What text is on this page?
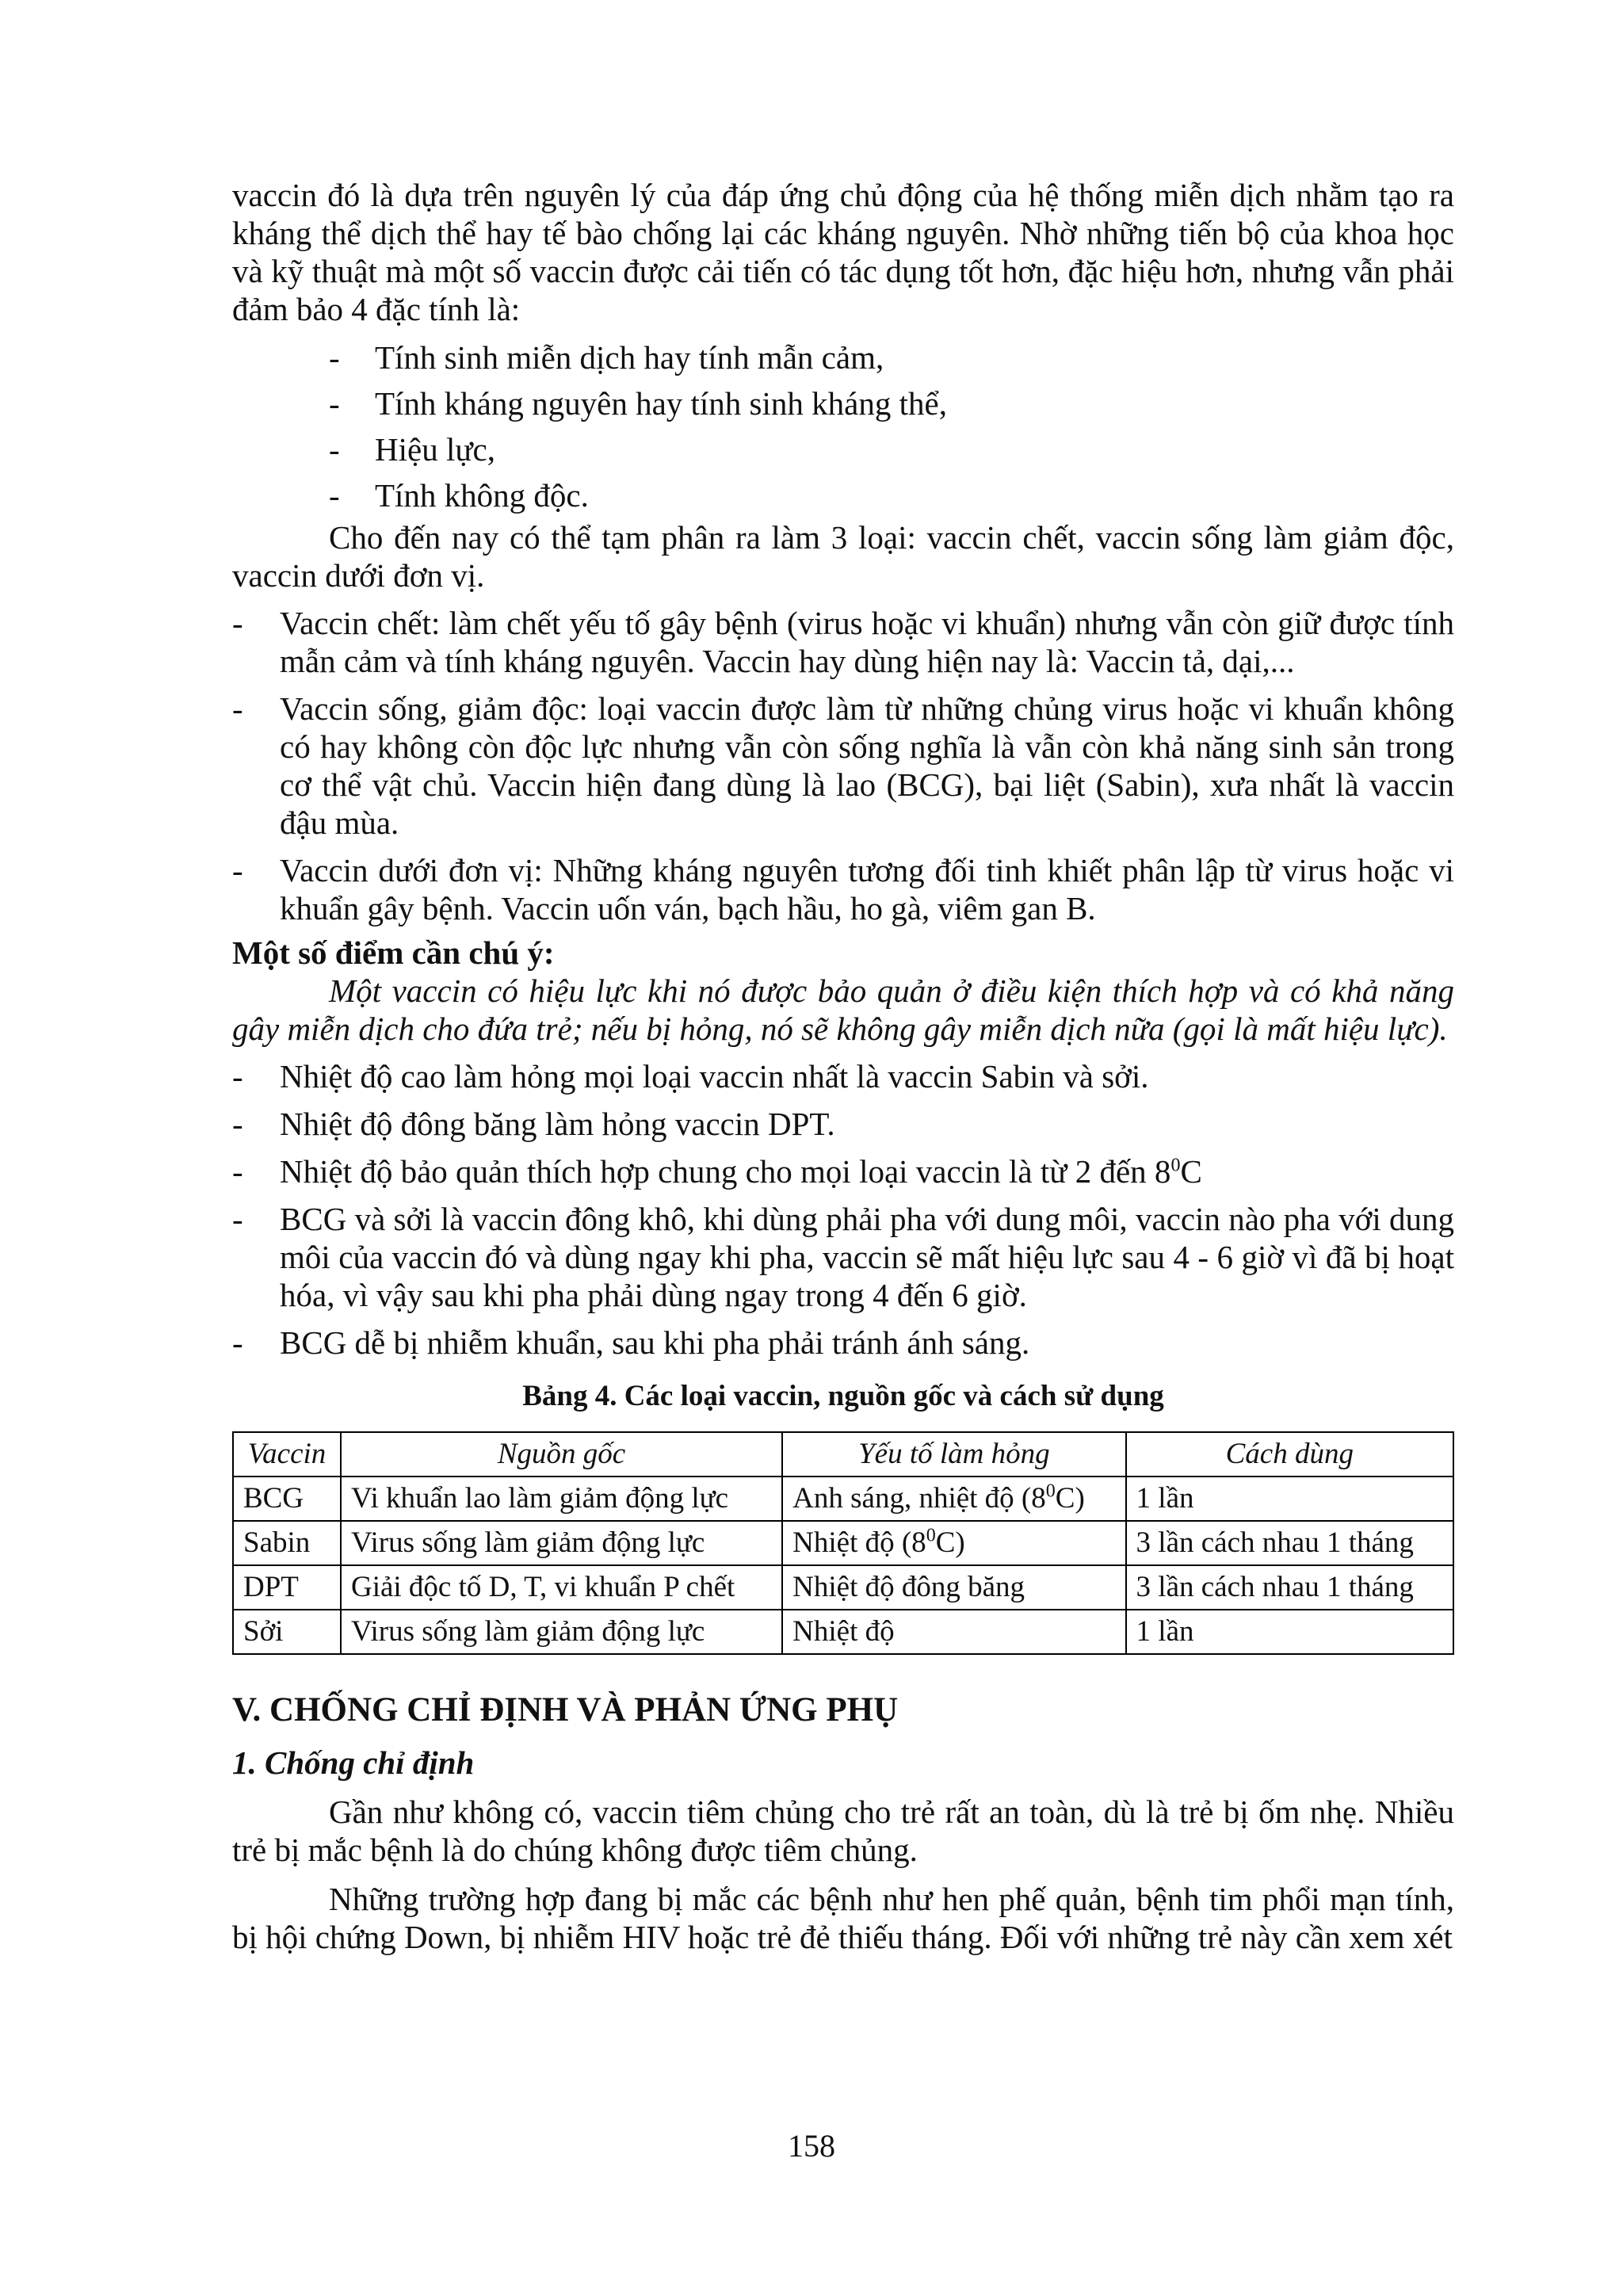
vaccin đó là dựa trên nguyên lý của đáp ứng chủ động của hệ thống miễn dịch nhằm tạo ra kháng thể dịch thể hay tế bào chống lại các kháng nguyên. Nhờ những tiến bộ của khoa học và kỹ thuật mà một số vaccin được cải tiến có tác dụng tốt hơn, đặc hiệu hơn, nhưng vẫn phải đảm bảo 4 đặc tính là:

- Tính sinh miễn dịch hay tính mẫn cảm,
- Tính kháng nguyên hay tính sinh kháng thể,
- Hiệu lực,
- Tính không độc.

Cho đến nay có thể tạm phân ra làm 3 loại: vaccin chết, vaccin sống làm giảm độc, vaccin dưới đơn vị.

- Vaccin chết: làm chết yếu tố gây bệnh (virus hoặc vi khuẩn) nhưng vẫn còn giữ được tính mẫn cảm và tính kháng nguyên. Vaccin hay dùng hiện nay là: Vaccin tả, dại,...
- Vaccin sống, giảm độc: loại vaccin được làm từ những chủng virus hoặc vi khuẩn không có hay không còn độc lực nhưng vẫn còn sống nghĩa là vẫn còn khả năng sinh sản trong cơ thể vật chủ. Vaccin hiện đang dùng là lao (BCG), bại liệt (Sabin), xưa nhất là vaccin đậu mùa.
- Vaccin dưới đơn vị: Những kháng nguyên tương đối tinh khiết phân lập từ virus hoặc vi khuẩn gây bệnh. Vaccin uốn ván, bạch hầu, ho gà, viêm gan B.

Một số điểm cần chú ý:

Một vaccin có hiệu lực khi nó được bảo quản ở điều kiện thích hợp và có khả năng gây miễn dịch cho đứa trẻ; nếu bị hỏng, nó sẽ không gây miễn dịch nữa (gọi là mất hiệu lực).

- Nhiệt độ cao làm hỏng mọi loại vaccin nhất là vaccin Sabin và sởi.
- Nhiệt độ đông băng làm hỏng vaccin DPT.
- Nhiệt độ bảo quản thích hợp chung cho mọi loại vaccin là từ 2 đến $8^0C$
- BCG và sởi là vaccin đông khô, khi dùng phải pha với dung môi, vaccin nào pha với dung môi của vaccin đó và dùng ngay khi pha, vaccin sẽ mất hiệu lực sau 4 - 6 giờ vì đã bị hoạt hóa, vì vậy sau khi pha phải dùng ngay trong 4 đến 6 giờ.
- BCG dễ bị nhiễm khuẩn, sau khi pha phải tránh ánh sáng.

Bảng 4. Các loại vaccin, nguồn gốc và cách sử dụng

Vaccin	Nguồn gốc	Yếu tố làm hỏng	Cách dùng
BCG	Vi khuẩn lao làm giảm động lực	Anh sáng, nhiệt độ $(8^0C)$	1 lần
Sabin	Virus sống làm giảm động lực	Nhiệt độ $(8^0C)$	3 lần cách nhau 1 tháng
DPT	Giải độc tố D, T, vi khuẩn P chết	Nhiệt độ đông băng	3 lần cách nhau 1 tháng
Sởi	Virus sống làm giảm động lực	Nhiệt độ	1 lần

V. CHỐNG CHỈ ĐỊNH VÀ PHẢN ỨNG PHỤ

1. Chống chỉ định

Gần như không có, vaccin tiêm chủng cho trẻ rất an toàn, dù là trẻ bị ốm nhẹ. Nhiều trẻ bị mắc bệnh là do chúng không được tiêm chủng.

Những trường hợp đang bị mắc các bệnh như hen phế quản, bệnh tim phổi mạn tính, bị hội chứng Down, bị nhiễm HIV hoặc trẻ đẻ thiếu tháng. Đối với những trẻ này cần xem xét

158
